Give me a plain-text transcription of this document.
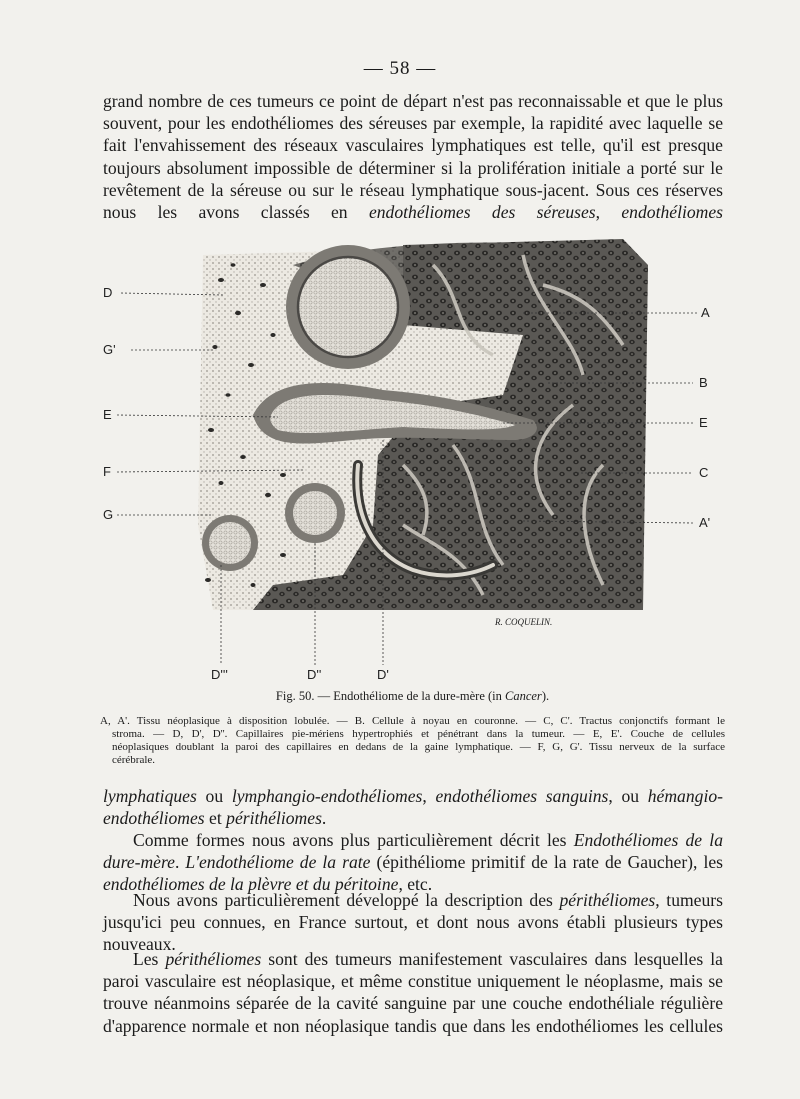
— 58 —

grand nombre de ces tumeurs ce point de départ n'est pas reconnaissable et que le plus souvent, pour les endothéliomes des séreuses par exemple, la rapidité avec laquelle se fait l'envahissement des réseaux vasculaires lymphatiques est telle, qu'il est presque toujours absolument impossible de déterminer si la prolifération initiale a porté sur le revêtement de la séreuse ou sur le réseau lymphatique sous-jacent. Sous ces réserves nous les avons classés en endothéliomes des séreuses, endothéliomes

D
G'
E
F
G
A
B
E
C
A'
D'''	D''	D'
R. COQUELIN.

Fig. 50. — Endothéliome de la dure-mère (in Cancer).

A, A'. Tissu néoplasique à disposition lobulée. — B. Cellule à noyau en couronne. — C, C'. Tractus conjonctifs formant le
stroma. — D, D', D''. Capillaires pie-mériens hypertrophiés et pénétrant dans la tumeur. — E, E'. Couche de cellules
néoplasiques doublant la paroi des capillaires en dedans de la gaine lymphatique. — F, G, G'. Tissu nerveux de la surface
cérébrale.

lymphatiques ou lymphangio-endothéliomes, endothéliomes sanguins, ou hémangio-endothéliomes et périthéliomes.

Comme formes nous avons plus particulièrement décrit les Endothéliomes de la dure-mère. L'endothéliome de la rate (épithéliome primitif de la rate de Gaucher), les endothéliomes de la plèvre et du péritoine, etc.

Nous avons particulièrement développé la description des périthéliomes, tumeurs jusqu'ici peu connues, en France surtout, et dont nous avons établi plusieurs types nouveaux.

Les périthéliomes sont des tumeurs manifestement vasculaires dans lesquelles la paroi vasculaire est néoplasique, et même constitue uniquement le néoplasme, mais se trouve néanmoins séparée de la cavité sanguine par une couche endothéliale régulière d'apparence normale et non néoplasique tandis que dans les endothéliomes les cellules
